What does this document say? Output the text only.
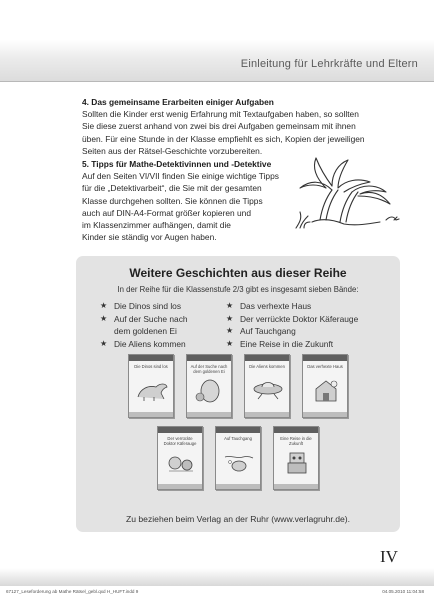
Einleitung für Lehrkräfte und Eltern
4. Das gemeinsame Erarbeiten einiger Aufgaben
Sollten die Kinder erst wenig Erfahrung mit Textaufgaben haben, so sollten
Sie diese zuerst anhand von zwei bis drei Aufgaben gemeinsam mit ihnen
üben. Für eine Stunde in der Klasse empfiehlt es sich, Kopien der jeweiligen
Seiten aus der Rätsel-Geschichte vorzubereiten.
5. Tipps für Mathe-Detektivinnen und -Detektive
Auf den Seiten VI/VII finden Sie einige wichtige Tipps
für die „Detektivarbeit“, die Sie mit der gesamten
Klasse durchgehen sollten. Sie können die Tipps
auch auf DIN-A4-Format größer kopieren und
im Klassenzimmer aufhängen, damit die
Kinder sie ständig vor Augen haben.
Weitere Geschichten aus dieser Reihe
In der Reihe für die Klassenstufe 2/3 gibt es insgesamt sieben Bände:
★ Die Dinos sind los
★ Auf der Suche nach
dem goldenen Ei
★ Die Aliens kommen
★ Das verhexte Haus
★ Der verrückte Doktor Käferauge
★ Auf Tauchgang
★ Eine Reise in die Zukunft
Die Dinos sind los	Auf der Suche nach dem goldenen Ei
Die Aliens kommen	Das verhexte Haus
Der verrückte Doktor Käferauge
Auf Tauchgang	Eine Reise in die Zukunft
Zu beziehen beim Verlag an der Ruhr (www.verlagruhr.de).
IV
67127_Leseforderung ab Mathe Rätsel_gebl.qxd H_HUFT.indd 9	04.05.2010 11:04:58
